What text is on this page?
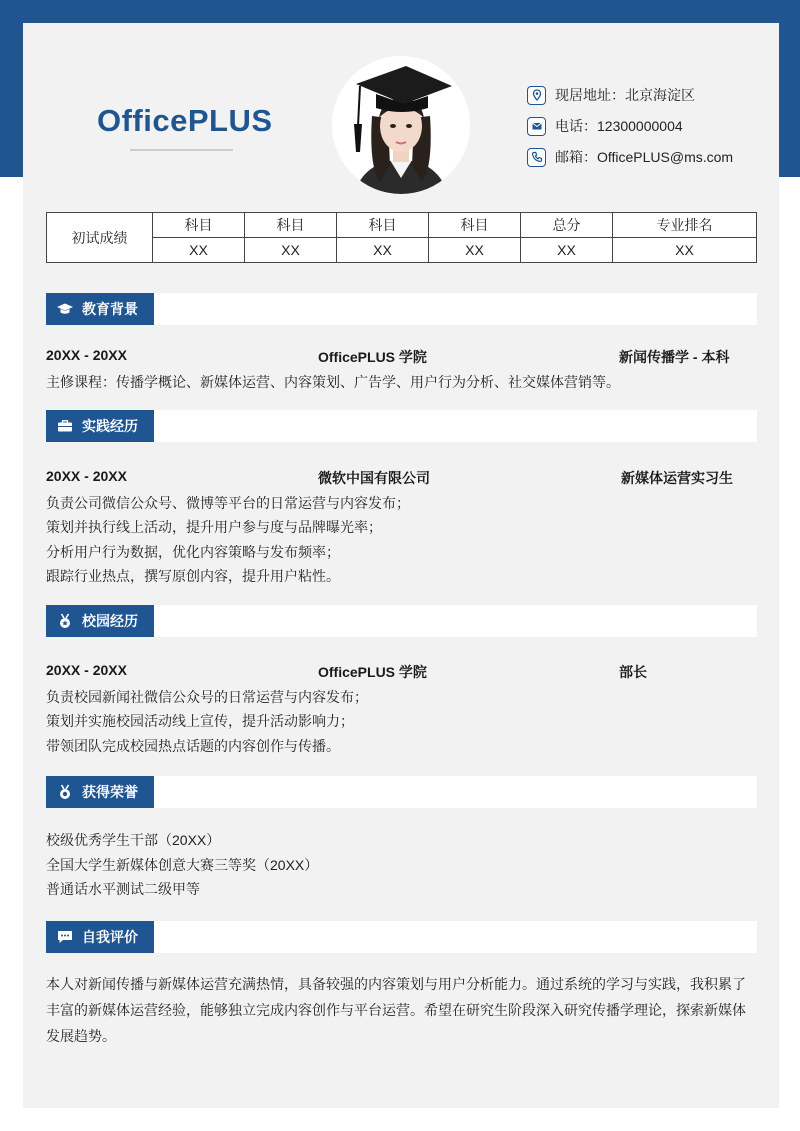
OfficePLUS
现居地址：北京海淀区
电话：12300000004
邮箱：OfficePLUS@ms.com
初试成绩	科目	科目	科目	科目	总分	专业排名
	XX	XX	XX	XX	XX	XX
教育背景
20XX - 20XX	OfficePLUS 学院	新闻传播学 - 本科
主修课程：传播学概论、新媒体运营、内容策划、广告学、用户行为分析、社交媒体营销等。
实践经历
20XX - 20XX	微软中国有限公司	新媒体运营实习生
负责公司微信公众号、微博等平台的日常运营与内容发布；
策划并执行线上活动，提升用户参与度与品牌曝光率；
分析用户行为数据，优化内容策略与发布频率；
跟踪行业热点，撰写原创内容，提升用户粘性。
校园经历
20XX - 20XX	OfficePLUS 学院	部长
负责校园新闻社微信公众号的日常运营与内容发布；
策划并实施校园活动线上宣传，提升活动影响力；
带领团队完成校园热点话题的内容创作与传播。
获得荣誉
校级优秀学生干部（20XX）
全国大学生新媒体创意大赛三等奖（20XX）
普通话水平测试二级甲等
自我评价
本人对新闻传播与新媒体运营充满热情，具备较强的内容策划与用户分析能力。通过系统的学习与实践，我积累了丰富的新媒体运营经验，能够独立完成内容创作与平台运营。希望在研究生阶段深入研究传播学理论，探索新媒体发展趋势。
